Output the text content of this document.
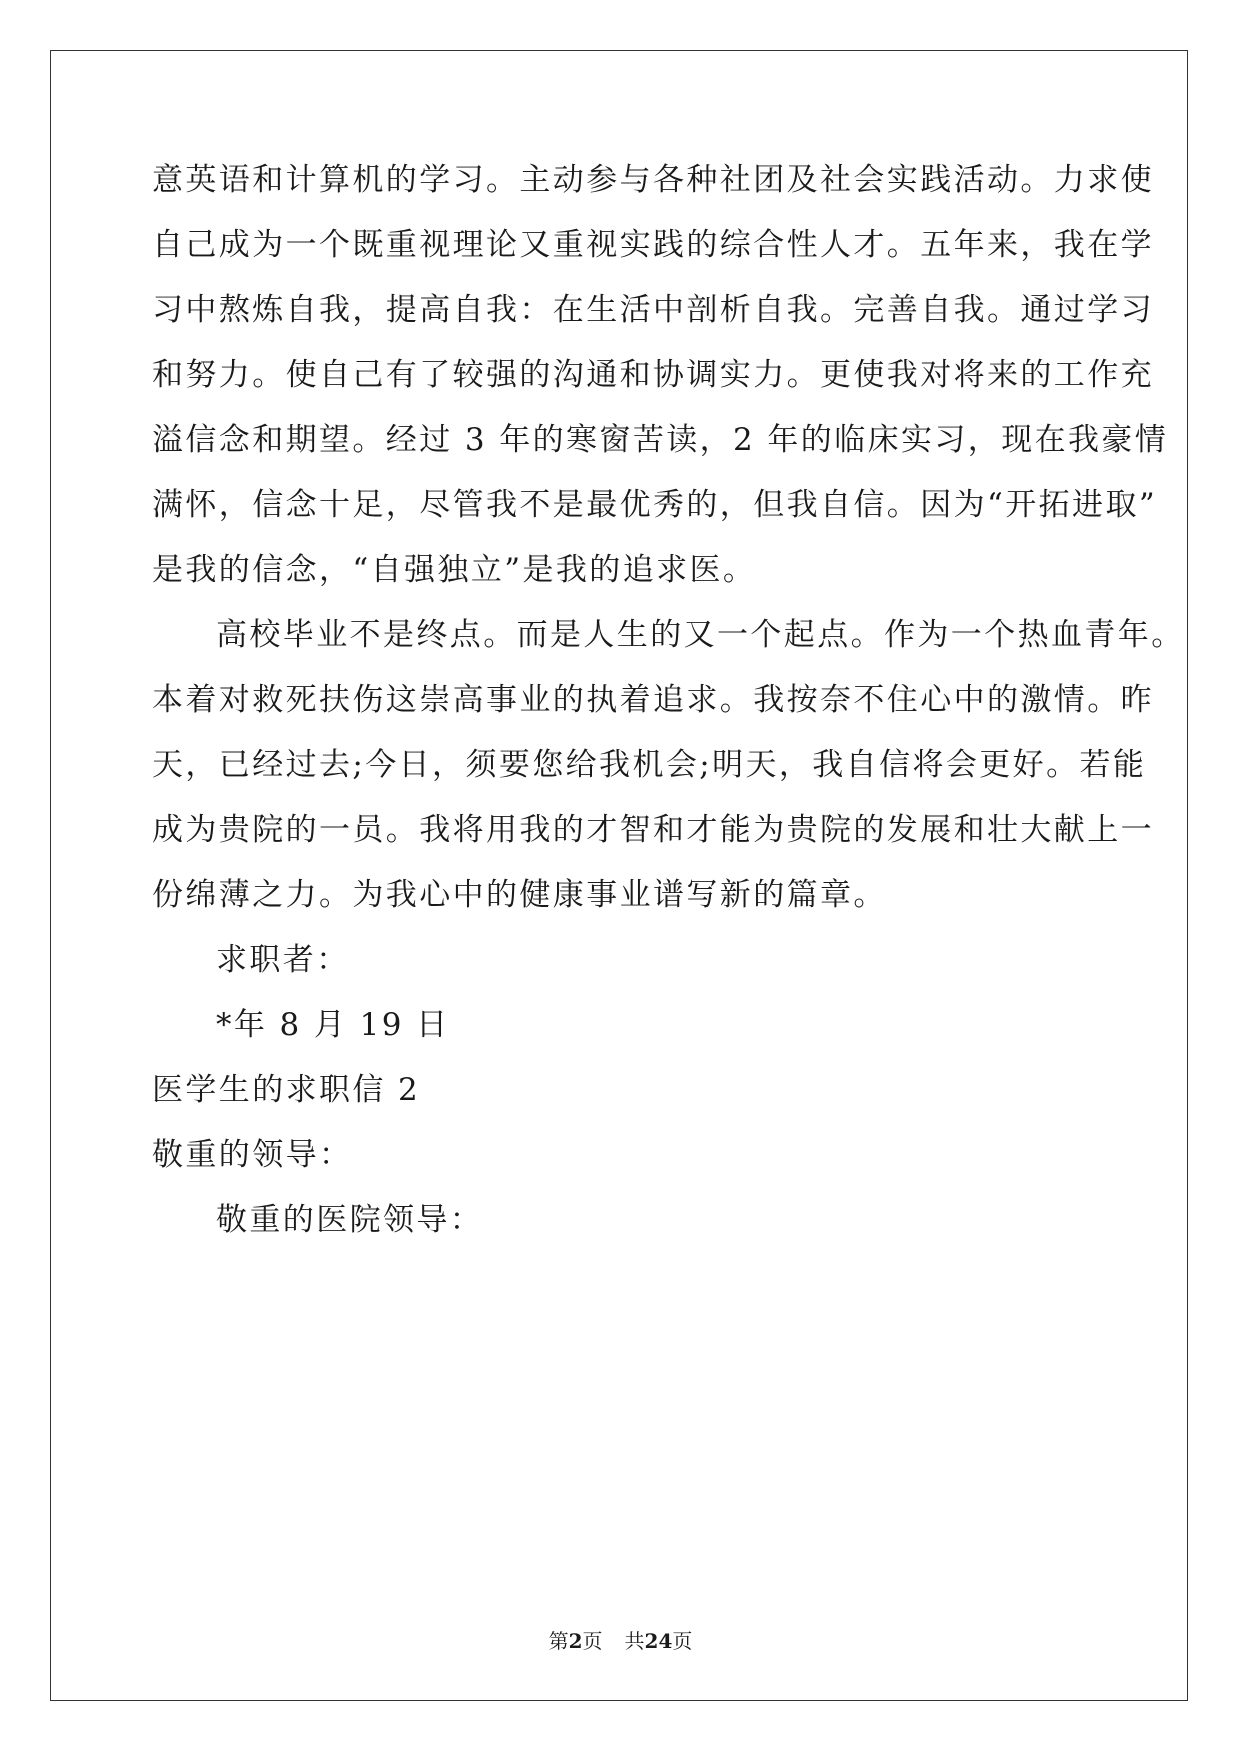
意英语和计算机的学习。主动参与各种社团及社会实践活动。力求使
自己成为一个既重视理论又重视实践的综合性人才。五年来，我在学
习中熬炼自我，提高自我：在生活中剖析自我。完善自我。通过学习
和努力。使自己有了较强的沟通和协调实力。更使我对将来的工作充
溢信念和期望。经过 3 年的寒窗苦读，2 年的临床实习，现在我豪情
满怀，信念十足，尽管我不是最优秀的，但我自信。因为“开拓进取”
是我的信念，“自强独立”是我的追求医。
高校毕业不是终点。而是人生的又一个起点。作为一个热血青年。
本着对救死扶伤这崇高事业的执着追求。我按奈不住心中的激情。昨
天，已经过去;今日，须要您给我机会;明天，我自信将会更好。若能
成为贵院的一员。我将用我的才智和才能为贵院的发展和壮大献上一
份绵薄之力。为我心中的健康事业谱写新的篇章。
求职者：
*年 8 月 19 日
医学生的求职信 2
敬重的领导：
敬重的医院领导：
第2页 共24页
